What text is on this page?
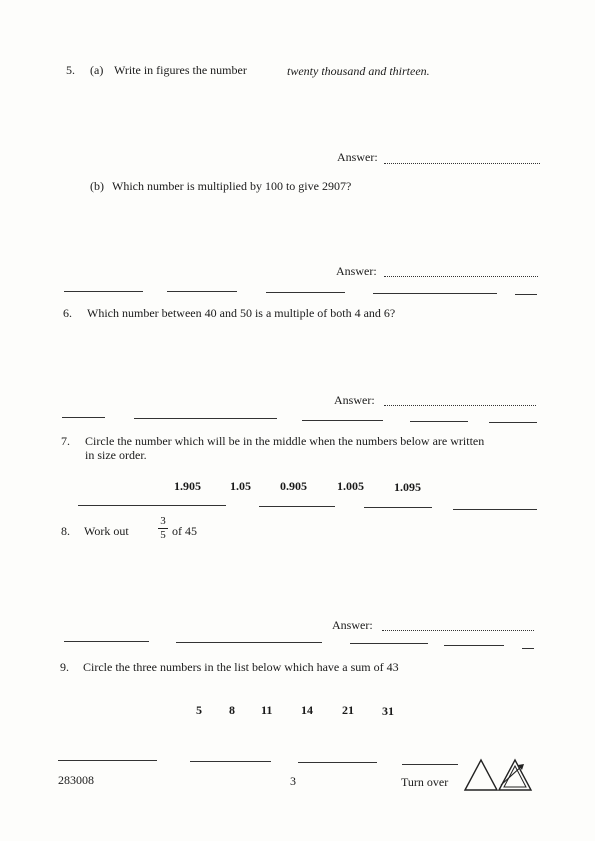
5. (a) Write in figures the number	twenty thousand and thirteen.
Answer:
(b) Which number is multiplied by 100 to give 2907?
Answer:
6. Which number between 40 and 50 is a multiple of both 4 and 6?
Answer:
7. Circle the number which will be in the middle when the numbers below are written
in size order.
1.905 1.05 0.905	1.005	1.095
8. Work out
3
5 of 45
Answer:
9. Circle the three numbers in the list below which have a sum of 43
5 8 11 14 21 31
283008	3	Turn over
